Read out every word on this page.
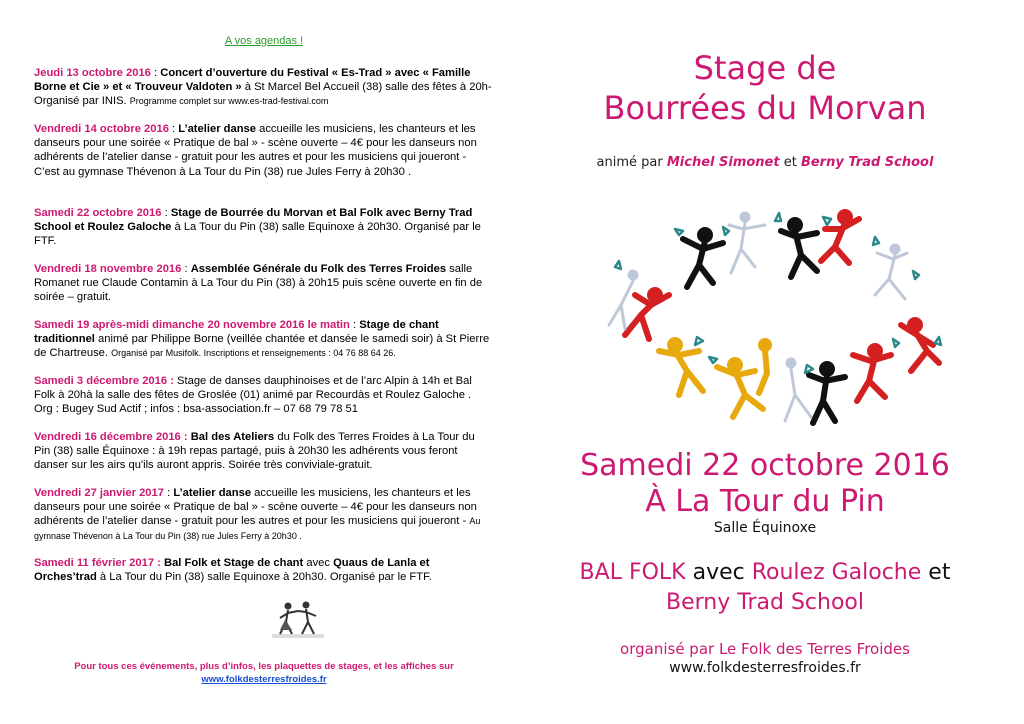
A vos agendas !
Jeudi 13 octobre 2016 : Concert d’ouverture du Festival « Es-Trad » avec « Famille Borne et Cie » et « Trouveur Valdoten » à St Marcel Bel Accueil (38) salle des fêtes à 20h- Organisé par INIS. Programme complet sur www.es-trad-festival.com
Vendredi 14 octobre 2016 : L’atelier danse accueille les musiciens, les chanteurs et les danseurs pour une soirée « Pratique de bal » - scène ouverte – 4€ pour les danseurs non adhérents de l’atelier danse - gratuit pour les autres et pour les musiciens qui joueront - C’est au gymnase Thévenon à La Tour du Pin (38) rue Jules Ferry à 20h30 .
Samedi 22 octobre 2016 : Stage de Bourrée du Morvan et Bal Folk avec Berny Trad School et Roulez Galoche à La Tour du Pin (38) salle Equinoxe à 20h30. Organisé par le FTF.
Vendredi 18 novembre 2016 : Assemblée Générale du Folk des Terres Froides salle Romanet rue Claude Contamin à La Tour du Pin (38) à 20h15 puis scène ouverte en fin de soirée – gratuit.
Samedi 19 après-midi dimanche 20 novembre 2016 le matin : Stage de chant traditionnel animé par Philippe Borne (veillée chantée et dansée le samedi soir) à St Pierre de Chartreuse. Organisé par Musifolk. Inscriptions et renseignements : 04 76 88 64 26.
Samedi 3 décembre 2016 : Stage de danses dauphinoises et de l’arc Alpin à 14h et Bal Folk à 20hà la salle des fêtes de Groslée (01) animé par Recourdàs et Roulez Galoche . Org : Bugey Sud Actif ; infos : bsa-association.fr – 07 68 79 78 51
Vendredi 16 décembre 2016 : Bal des Ateliers du Folk des Terres Froides à La Tour du Pin (38) salle Équinoxe : à 19h repas partagé, puis à 20h30 les adhérents vous feront danser sur les airs qu'ils auront appris. Soirée très conviviale-gratuit.
Vendredi 27 janvier 2017 : L’atelier danse accueille les musiciens, les chanteurs et les danseurs pour une soirée « Pratique de bal » - scène ouverte – 4€ pour les danseurs non adhérents de l’atelier danse - gratuit pour les autres et pour les musiciens qui joueront - Au gymnase Thévenon à La Tour du Pin (38) rue Jules Ferry à 20h30 .
Samedi 11 février 2017 : Bal Folk et Stage de chant avec Quaus de Lanla et Orches’trad à La Tour du Pin (38) salle Equinoxe à 20h30. Organisé par le FTF.
Pour tous ces événements, plus d’infos, les plaquettes de stages, et les affiches sur
www.folkdesterresfroides.fr
Stage de
Bourrées du Morvan
animé par Michel Simonet et Berny Trad School
Samedi 22 octobre 2016
À La Tour du Pin
Salle Équinoxe
BAL FOLK avec Roulez Galoche et
Berny Trad School
organisé par Le Folk des Terres Froides
www.folkdesterresfroides.fr
